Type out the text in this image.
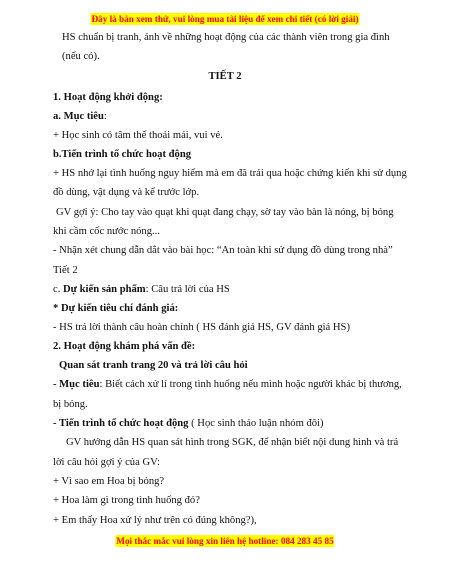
Đây là bản xem thử, vui lòng mua tài liệu để xem chi tiết (có lời giải)
HS chuẩn bị tranh, ảnh về những hoạt động của các thành viên trong gia đình
(nếu có).
TIẾT 2
1. Hoạt động khởi động:
a. Mục tiêu:
+ Học sinh có tâm thế thoải mái, vui vẻ.
b.Tiến trình tổ chức hoạt động
+ HS nhớ lại tình huống nguy hiểm mà em đã trải qua hoặc chứng kiến khi sử dụng
đồ dùng, vật dụng và kể trước lớp.
GV gợi ý: Cho tay vào quạt khi quạt đang chạy, sờ tay vào bàn là nóng, bị bỏng
khi cầm cốc nước nóng...
- Nhận xét chung dẫn dắt vào bài học: “An toàn khi sử dụng đồ dùng trong nhà”
Tiết 2
c. Dự kiến sản phẩm: Câu trả lời của HS
* Dự kiến tiêu chí đánh giá:
- HS trả lời thành câu hoàn chỉnh ( HS đánh giá HS, GV đánh giá HS)
2. Hoạt động khám phá vấn đề:
Quan sát tranh trang 20 và trả lời câu hỏi
- Mục tiêu: Biết cách xử lí trong tình huống nếu mình hoặc người khác bị thương,
bị bỏng.
- Tiến trình tổ chức hoạt động ( Học sinh thảo luận nhóm đôi)
GV hướng dẫn HS quan sát hình trong SGK, để nhận biết nội dung hình và trả
lời câu hỏi gợi ý của GV:
+ Vì sao em Hoa bị bỏng?
+ Hoa làm gì trong tình huống đó?
+ Em thấy Hoa xử lý như trên có đúng không?),
Mọi thắc mắc vui lòng xin liên hệ hotline: 084 283 45 85
